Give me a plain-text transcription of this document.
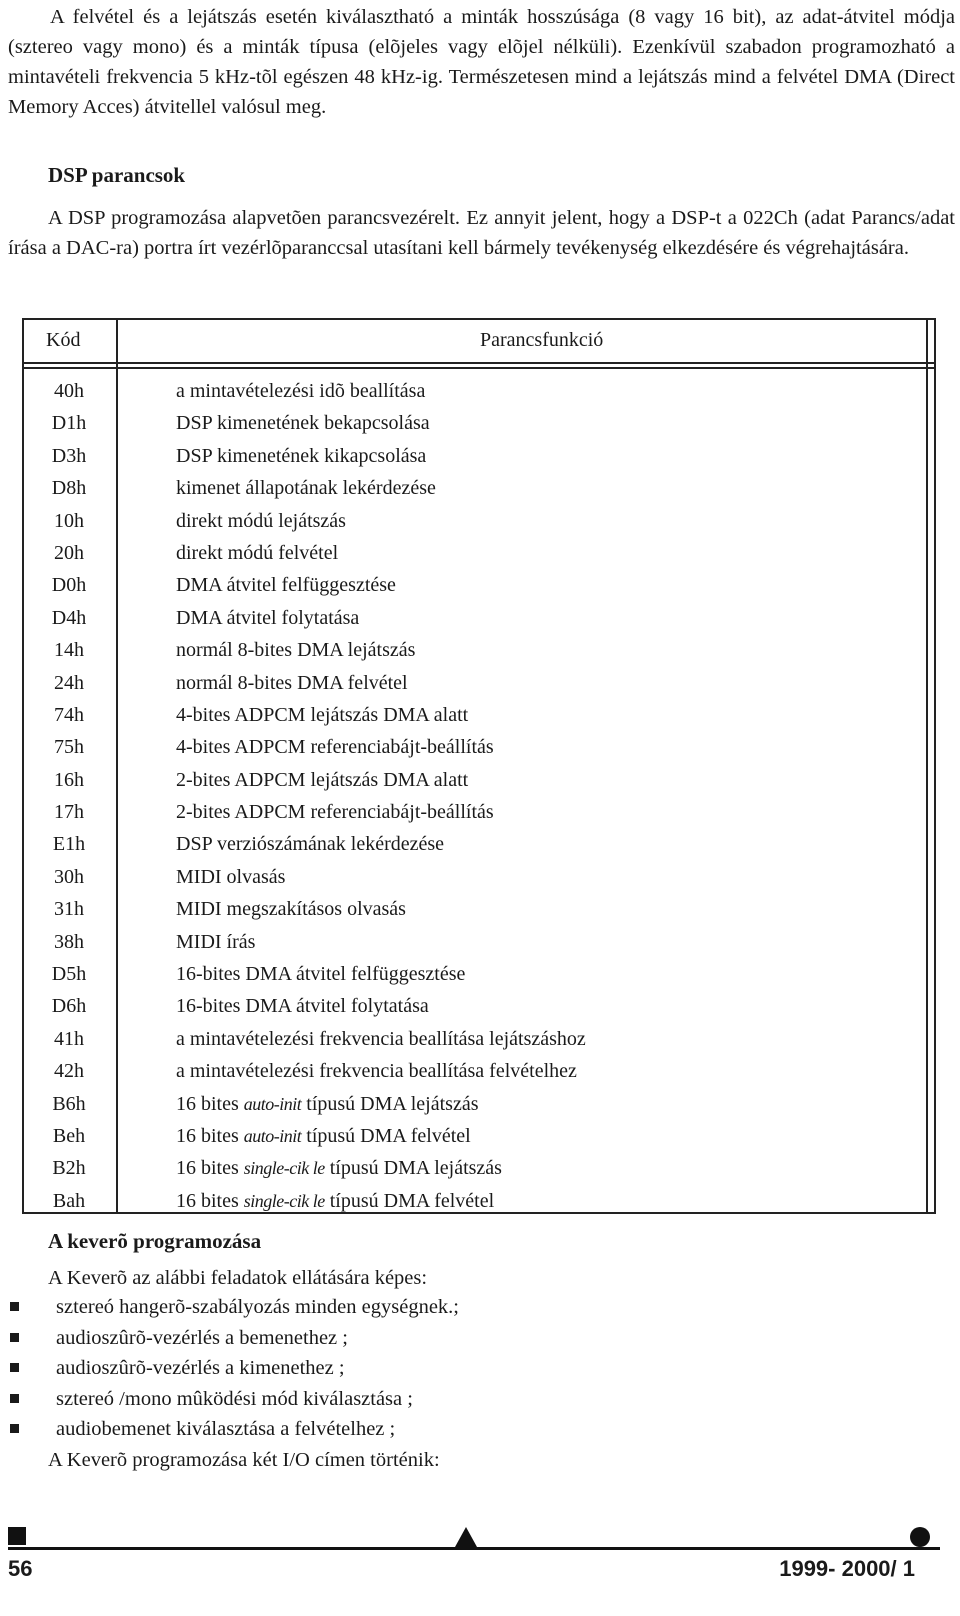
A felvétel és a lejátszás esetén kiválasztható a minták hosszúsága (8 vagy 16 bit), az adat-átvitel módja (sztereo vagy mono) és a minták típusa (elõjeles vagy elõjel nélküli). Ezenkívül szabadon programozható a mintavételi frekvencia 5 kHz-tõl egészen 48 kHz-ig. Természetesen mind a lejátszás mind a felvétel DMA (Direct Memory Acces) átvitellel valósul meg.

DSP parancsok

A DSP programozása alapvetõen parancsvezérelt. Ez annyit jelent, hogy a DSP-t a 022Ch (adat Parancs/adat írása a DAC-ra) portra írt vezérlõparanccsal utasítani kell bármely tevékenység elkezdésére és végrehajtására.

Kód	Parancsfunkció
40h	a mintavételezési idõ beallítása
D1h	DSP kimenetének bekapcsolása
D3h	DSP kimenetének kikapcsolása
D8h	kimenet állapotának lekérdezése
10h	direkt módú lejátszás
20h	direkt módú felvétel
D0h	DMA átvitel felfüggesztése
D4h	DMA átvitel folytatása
14h	normál 8-bites DMA lejátszás
24h	normál 8-bites DMA felvétel
74h	4-bites ADPCM lejátszás DMA alatt
75h	4-bites ADPCM referenciabájt-beállítás
16h	2-bites ADPCM lejátszás DMA alatt
17h	2-bites ADPCM referenciabájt-beállítás
E1h	DSP verziószámának lekérdezése
30h	MIDI olvasás
31h	MIDI megszakításos olvasás
38h	MIDI írás
D5h	16-bites DMA átvitel felfüggesztése
D6h	16-bites DMA átvitel folytatása
41h	a mintavételezési frekvencia beallítása lejátszáshoz
42h	a mintavételezési frekvencia beallítása felvételhez
B6h	16 bites auto-init típusú DMA lejátszás
Beh	16 bites auto-init típusú DMA felvétel
B2h	16 bites single-cik le típusú DMA lejátszás
Bah	16 bites single-cik le típusú DMA felvétel
A keverõ programozása

A Keverõ az alábbi feladatok ellátására képes:

sztereó hangerõ-szabályozás minden egységnek.;
audioszûrõ-vezérlés a bemenethez ;
audioszûrõ-vezérlés a kimenethez ;
sztereó /mono mûködési mód kiválasztása ;
audiobemenet kiválasztása a felvételhez ;

A Keverõ programozása két I/O címen történik:

56	1999- 2000/ 1
